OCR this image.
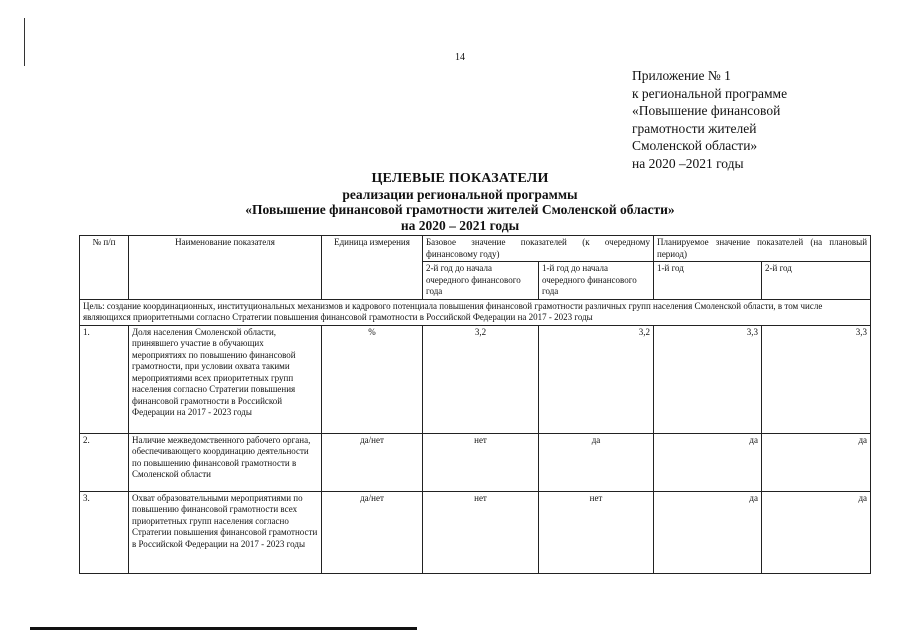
14
Приложение № 1
к региональной программе
«Повышение финансовой
грамотности жителей
Смоленской области»
на 2020 –2021 годы
ЦЕЛЕВЫЕ ПОКАЗАТЕЛИ
реализации региональной программы
«Повышение финансовой грамотности жителей Смоленской области»
на 2020 – 2021 годы
№ п/п	Наименование показателя	Единица измерения	Базовое значение показателей (к очередному финансовому году)		Планируемое значение показателей (на плановый период)	
			2-й год до начала очередного финансового года	1-й год до начала очередного финансового года	1-й год	2-й год
Цель: создание координационных, институциональных механизмов и кадрового потенциала повышения финансовой грамотности различных групп населения Смоленской области, в том числе являющихся приоритетными согласно Стратегии повышения финансовой грамотности в Российской Федерации на 2017 - 2023 годы						
1.	Доля населения Смоленской области, принявшего участие в обучающих мероприятиях по повышению финансовой грамотности, при условии охвата такими мероприятиями всех приоритетных групп населения согласно Стратегии повышения финансовой грамотности в Российской Федерации на 2017 - 2023 годы	%	3,2	3,2	3,3	3,3
2.	Наличие межведомственного рабочего органа, обеспечивающего координацию деятельности по повышению финансовой грамотности в Смоленской области	да/нет	нет	да	да	да
3.	Охват образовательными мероприятиями по повышению финансовой грамотности всех приоритетных групп населения согласно Стратегии повышения финансовой грамотности в Российской Федерации на 2017 - 2023 годы	да/нет	нет	нет	да	да
